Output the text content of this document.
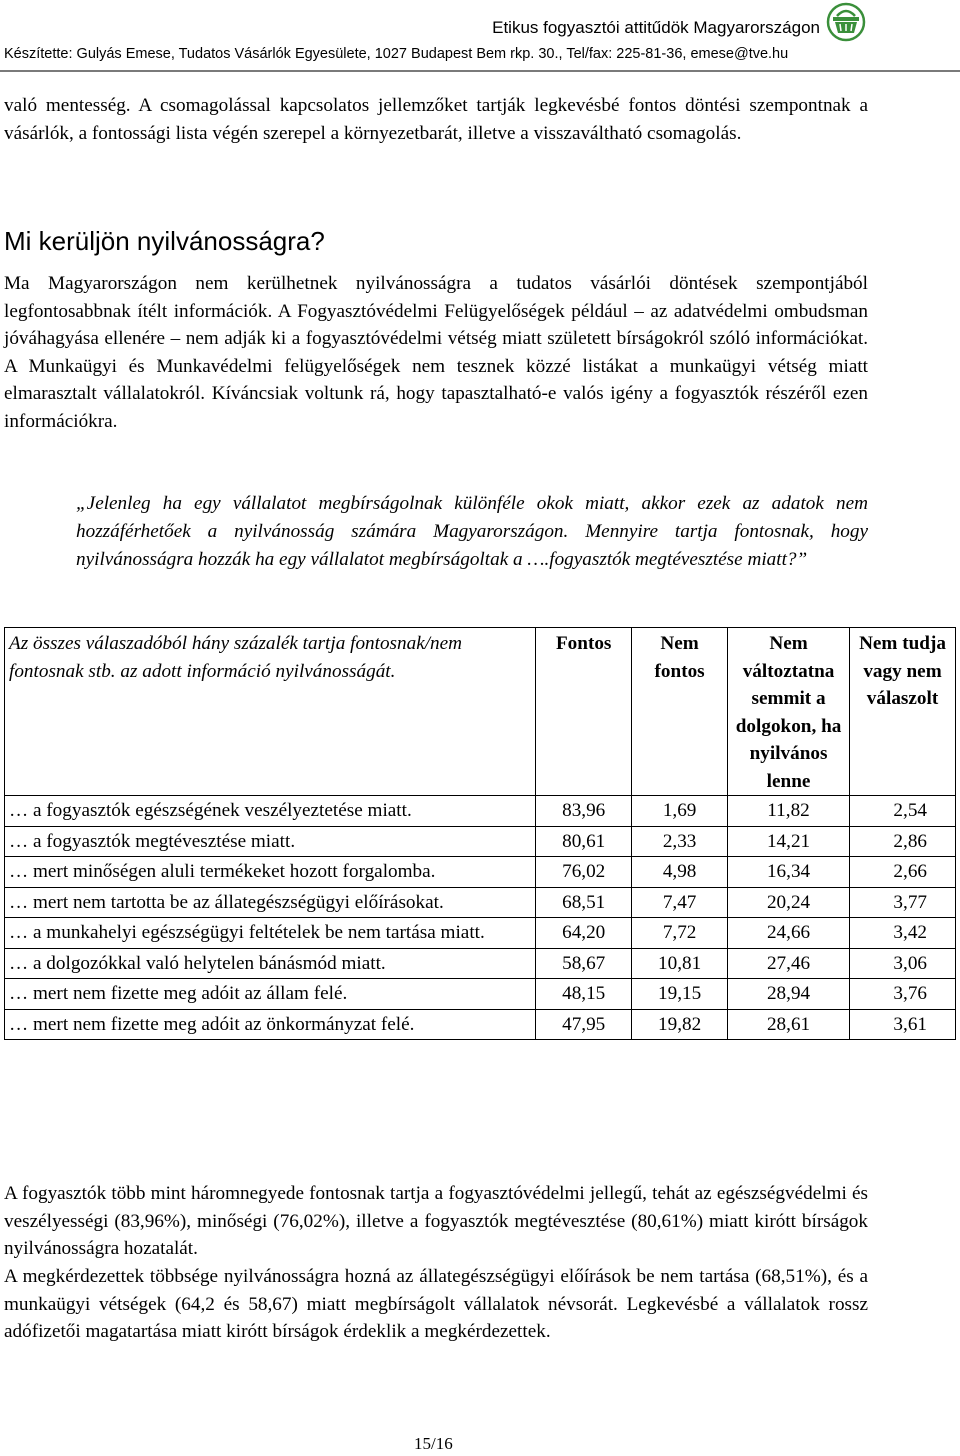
Etikus fogyasztói attitűdök Magyarországon
Készítette: Gulyás Emese, Tudatos Vásárlók Egyesülete, 1027 Budapest Bem rkp. 30., Tel/fax: 225-81-36, emese@tve.hu

való mentesség. A csomagolással kapcsolatos jellemzőket tartják legkevésbé fontos döntési szempontnak a vásárlók, a fontossági lista végén szerepel a környezetbarát, illetve a visszaváltható csomagolás.

Mi kerüljön nyilvánosságra?

Ma Magyarországon nem kerülhetnek nyilvánosságra a tudatos vásárlói döntések szempontjából legfontosabbnak ítélt információk. A Fogyasztóvédelmi Felügyelőségek például – az adatvédelmi ombudsman jóváhagyása ellenére – nem adják ki a fogyasztóvédelmi vétség miatt született bírságokról szóló információkat. A Munkaügyi és Munkavédelmi felügyelőségek nem tesznek közzé listákat a munkaügyi vétség miatt elmarasztalt vállalatokról. Kíváncsiak voltunk rá, hogy tapasztalható-e valós igény a fogyasztók részéről ezen információkra.

„Jelenleg ha egy vállalatot megbírságolnak különféle okok miatt, akkor ezek az adatok nem hozzáférhetőek a nyilvánosság számára Magyarországon. Mennyire tartja fontosnak, hogy nyilvánosságra hozzák ha egy vállalatot megbírságoltak a ….fogyasztók megtévesztése miatt?”

Az összes válaszadóból hány százalék tartja fontosnak/nem fontosnak stb. az adott információ nyilvánosságát.	Fontos	Nem fontos	Nem változtatna semmit a dolgokon, ha nyilvános lenne	Nem tudja vagy nem válaszolt
… a fogyasztók egészségének veszélyeztetése miatt.	83,96	1,69	11,82	2,54
… a fogyasztók megtévesztése miatt.	80,61	2,33	14,21	2,86
… mert minőségen aluli termékeket hozott forgalomba.	76,02	4,98	16,34	2,66
… mert nem tartotta be az állategészségügyi előírásokat.	68,51	7,47	20,24	3,77
… a munkahelyi egészségügyi feltételek be nem tartása miatt.	64,20	7,72	24,66	3,42
… a dolgozókkal való helytelen bánásmód miatt.	58,67	10,81	27,46	3,06
… mert nem fizette meg adóit az állam felé.	48,15	19,15	28,94	3,76
… mert nem fizette meg adóit az önkormányzat felé.	47,95	19,82	28,61	3,61

A fogyasztók több mint háromnegyede fontosnak tartja a fogyasztóvédelmi jellegű, tehát az egészségvédelmi és veszélyességi (83,96%), minőségi (76,02%), illetve a fogyasztók megtévesztése (80,61%) miatt kirótt bírságok nyilvánosságra hozatalát.

A megkérdezettek többsége nyilvánosságra hozná az állategészségügyi előírások be nem tartása (68,51%), és a munkaügyi vétségek (64,2 és 58,67) miatt megbírságolt vállalatok névsorát. Legkevésbé a vállalatok rossz adófizetői magatartása miatt kirótt bírságok érdeklik a megkérdezettek.

15/16
